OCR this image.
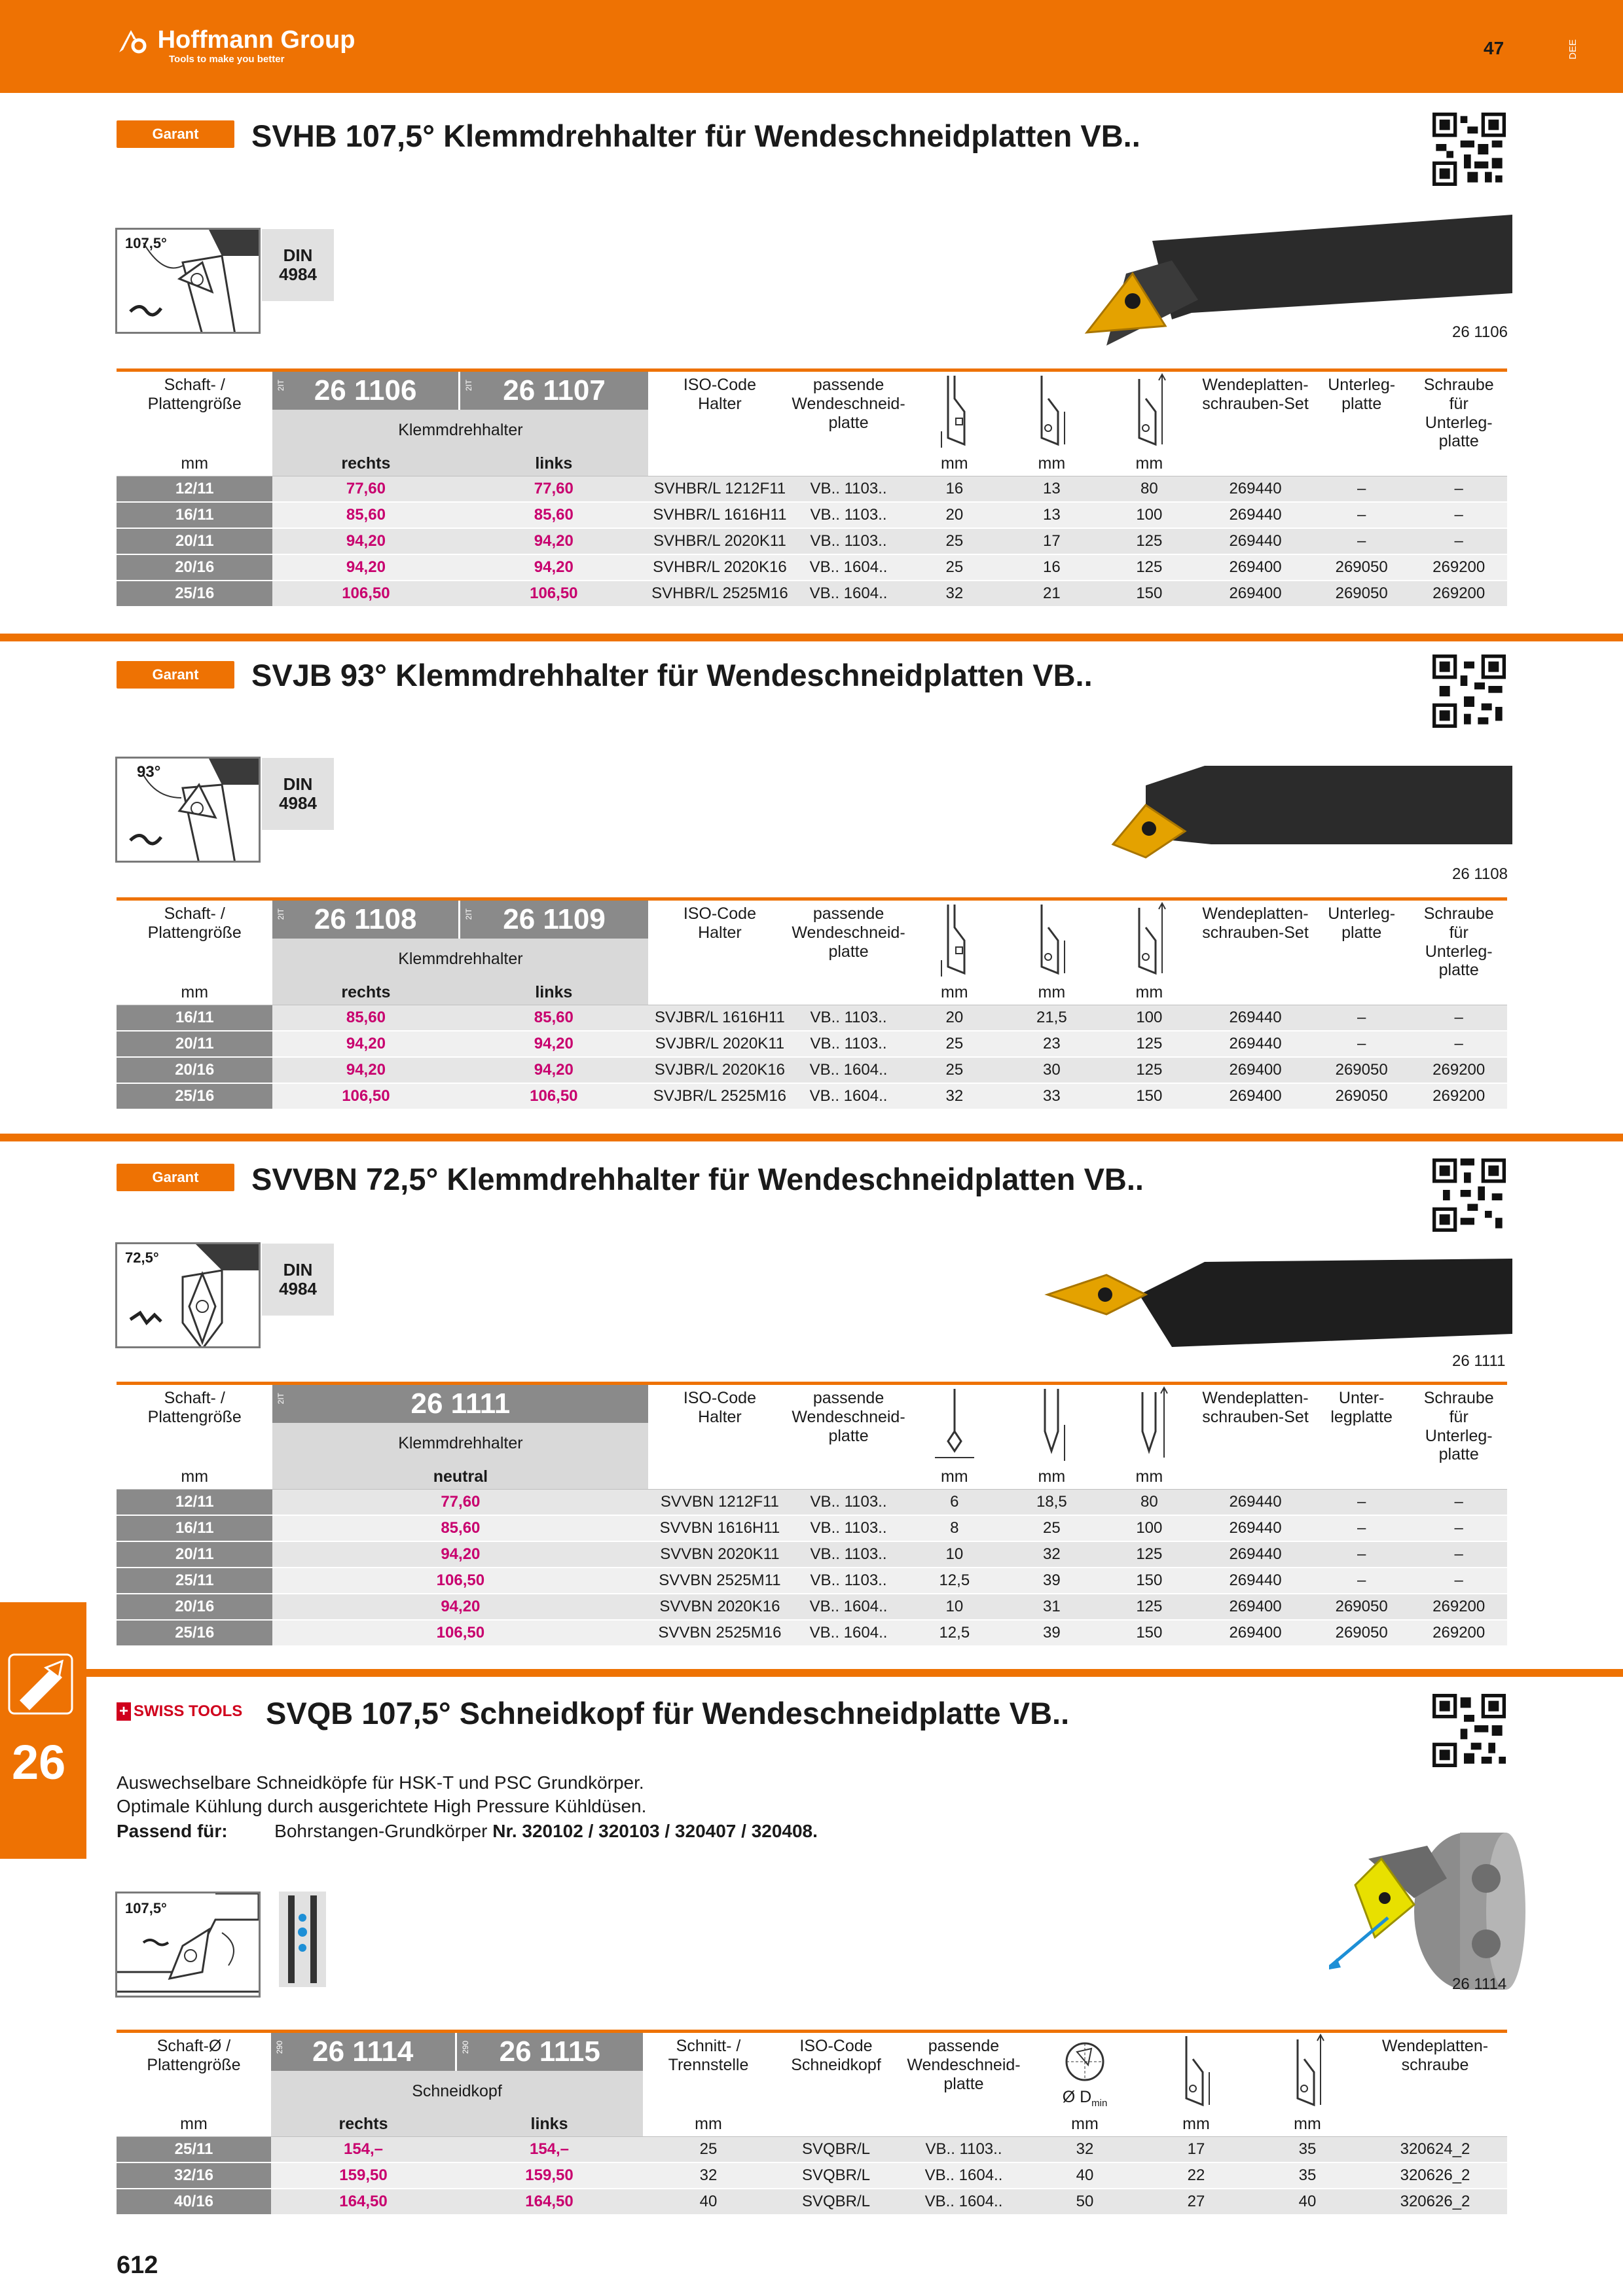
Hoffmann Group
Tools to make you better
47	DEE
Garant	SVHB 107,5° Klemmdrehhalter für Wendeschneidplatten VB..
107,5°
DIN
4984
26 1106
Schaft- /
Plattengröße	2IT 26 1106	2IT 26 1107	ISO-Code
Halter	passende
Wendeschneid-
platte				Wendeplatten-
schrauben-Set	Unterleg-
platte	Schraube
für
Unterleg-
platte
	Klemmdrehhalter									
mm	rechts	links			mm	mm	mm			
12/11	77,60	77,60	SVHBR/L 1212F11	VB.. 1103..	16	13	80	269440	–	–
16/11	85,60	85,60	SVHBR/L 1616H11	VB.. 1103..	20	13	100	269440	–	–
20/11	94,20	94,20	SVHBR/L 2020K11	VB.. 1103..	25	17	125	269440	–	–
20/16	94,20	94,20	SVHBR/L 2020K16	VB.. 1604..	25	16	125	269400	269050	269200
25/16	106,50	106,50	SVHBR/L 2525M16	VB.. 1604..	32	21	150	269400	269050	269200
Garant	SVJB 93° Klemmdrehhalter für Wendeschneidplatten VB..
93°
DIN
4984
26 1108
Schaft- /
Plattengröße	2IT 26 1108	2IT 26 1109	ISO-Code
Halter	passende
Wendeschneid-
platte				Wendeplatten-
schrauben-Set	Unterleg-
platte	Schraube
für
Unterleg-
platte
	Klemmdrehhalter									
mm	rechts	links			mm	mm	mm			
16/11	85,60	85,60	SVJBR/L 1616H11	VB.. 1103..	20	21,5	100	269440	–	–
20/11	94,20	94,20	SVJBR/L 2020K11	VB.. 1103..	25	23	125	269440	–	–
20/16	94,20	94,20	SVJBR/L 2020K16	VB.. 1604..	25	30	125	269400	269050	269200
25/16	106,50	106,50	SVJBR/L 2525M16	VB.. 1604..	32	33	150	269400	269050	269200
Garant	SVVBN 72,5° Klemmdrehhalter für Wendeschneidplatten VB..
72,5°
DIN
4984
26 1111
Schaft- /
Plattengröße	2IT 26 1111	ISO-Code
Halter	passende
Wendeschneid-
platte				Wendeplatten-
schrauben-Set	Unter-
legplatte	Schraube
für
Unterleg-
platte
	Klemmdrehhalter								
mm	neutral			mm	mm	mm			
12/11	77,60	SVVBN 1212F11	VB.. 1103..	6	18,5	80	269440	–	–
16/11	85,60	SVVBN 1616H11	VB.. 1103..	8	25	100	269440	–	–
20/11	94,20	SVVBN 2020K11	VB.. 1103..	10	32	125	269440	–	–
25/11	106,50	SVVBN 2525M11	VB.. 1103..	12,5	39	150	269440	–	–
20/16	94,20	SVVBN 2020K16	VB.. 1604..	10	31	125	269400	269050	269200
25/16	106,50	SVVBN 2525M16	VB.. 1604..	12,5	39	150	269400	269050	269200
26
+ SWISS TOOLS SVQB 107,5° Schneidkopf für Wendeschneidplatte VB..
Auswechselbare Schneidköpfe für HSK-T und PSC Grundkörper.
Optimale Kühlung durch ausgerichtete High Pressure Kühldüsen.
Passend für:	Bohrstangen-Grundkörper Nr. 320102 / 320103 / 320407 / 320408.
107,5°
26 1114
Schaft-Ø /
Plattengröße	290 26 1114	290 26 1115	Schnitt- /
Trennstelle	ISO-Code
Schneidkopf	passende
Wendeschneid-
platte	Ø $D_{min}$			Wendeplatten-
schraube
	Schneidkopf								
mm	rechts	links	mm			mm	mm	mm	
25/11	154,–	154,–	25	SVQBR/L	VB.. 1103..	32	17	35	320624_2
32/16	159,50	159,50	32	SVQBR/L	VB.. 1604..	40	22	35	320626_2
40/16	164,50	164,50	40	SVQBR/L	VB.. 1604..	50	27	40	320626_2
612
